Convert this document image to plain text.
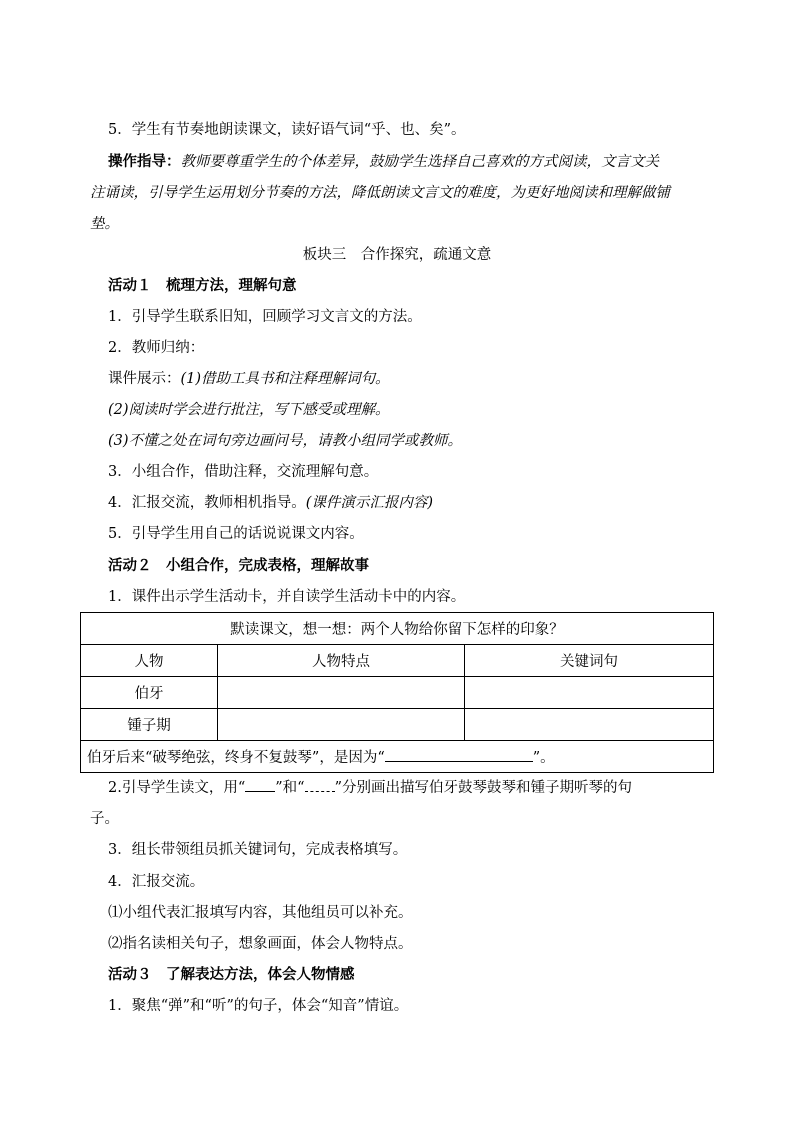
5．学生有节奏地朗读课文，读好语气词“乎、也、矣”。
操作指导：教师要尊重学生的个体差异，鼓励学生选择自己喜欢的方式阅读，文言文关
注诵读，引导学生运用划分节奏的方法，降低朗读文言文的难度，为更好地阅读和理解做铺
垫。
板块三　合作探究，疏通文意
活动１　梳理方法，理解句意
1．引导学生联系旧知，回顾学习文言文的方法。
2．教师归纳：
课件展示：(1)借助工具书和注释理解词句。
(2)阅读时学会进行批注，写下感受或理解。
(3)不懂之处在词句旁边画问号，请教小组同学或教师。
3．小组合作，借助注释，交流理解句意。
4．汇报交流，教师相机指导。(课件演示汇报内容)
5．引导学生用自己的话说说课文内容。
活动２　小组合作，完成表格，理解故事
1．课件出示学生活动卡，并自读学生活动卡中的内容。
默读课文，想一想：两个人物给你留下怎样的印象？		
人物	人物特点	关键词句
伯牙		
锺子期		
伯牙后来“破琴绝弦，终身不复鼓琴”，是因为“ ”。		
2.引导学生读文，用“ ”和“ ”分别画出描写伯牙鼓琴鼓琴和锺子期听琴的句
子。
3．组长带领组员抓关键词句，完成表格填写。
4．汇报交流。
⑴小组代表汇报填写内容，其他组员可以补充。
⑵指名读相关句子，想象画面，体会人物特点。
活动３　了解表达方法，体会人物情感
1．聚焦“弹”和“听”的句子，体会“知音”情谊。
